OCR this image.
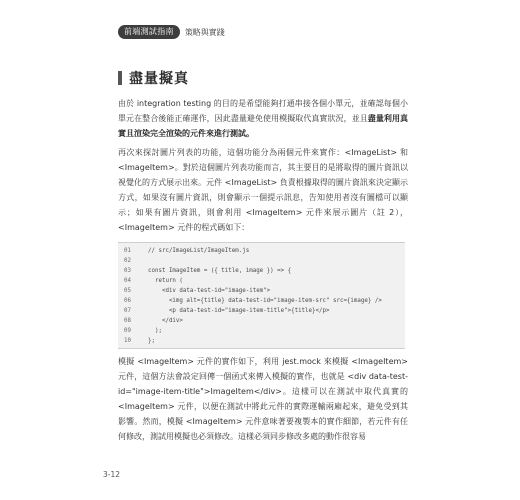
前端測試指南	策略與實踐
盡量擬真

由於 integration testing 的目的是希望能夠打通串接各個小單元，並確認每個小單元在整合後能正確運作，因此盡量避免使用模擬取代真實狀況，並且盡量利用真實且渲染完全渲染的元件來進行測試。

再次來探討圖片列表的功能，這個功能分為兩個元件來實作：<ImageList> 和 <ImageItem>。對於這個圖片列表功能而言，其主要目的是將取得的圖片資訊以視覺化的方式展示出來。元件 <ImageList> 負責根據取得的圖片資訊來決定顯示方式，如果沒有圖片資訊，則會顯示一個提示訊息，告知使用者沒有圖檔可以顯示；如果有圖片資訊，則會利用 <ImageItem> 元件來展示圖片（註 2），<ImageItem> 元件的程式碼如下：

01	// src/ImageList/ImageItem.js
02
03	const ImageItem = ({ title, image }) => {
04	return (
05	<div data-test-id="image-item">
06	<img alt={title} data-test-id="image-item-src" src={image} />
07	<p data-test-id="image-item-title">{title}</p>
08	</div>
09	);
10	};

模擬 <ImageItem> 元件的實作如下，利用 jest.mock 來模擬 <ImageItem> 元件，這個方法會設定回傳一個函式來傳入模擬的實作，也就是 <div data-test-id="image-item-title">ImageItem</div>。這樣可以在測試中取代真實的 <ImageItem> 元件，以便在測試中將此元件的實際運輸兩廂起來，避免受到其影響。然而，模擬 <ImageItem> 元件意味著要複製本的實作細節，若元件有任何修改，測試用模擬也必須修改。這樣必須同步修改多處的動作很容易

3-12
